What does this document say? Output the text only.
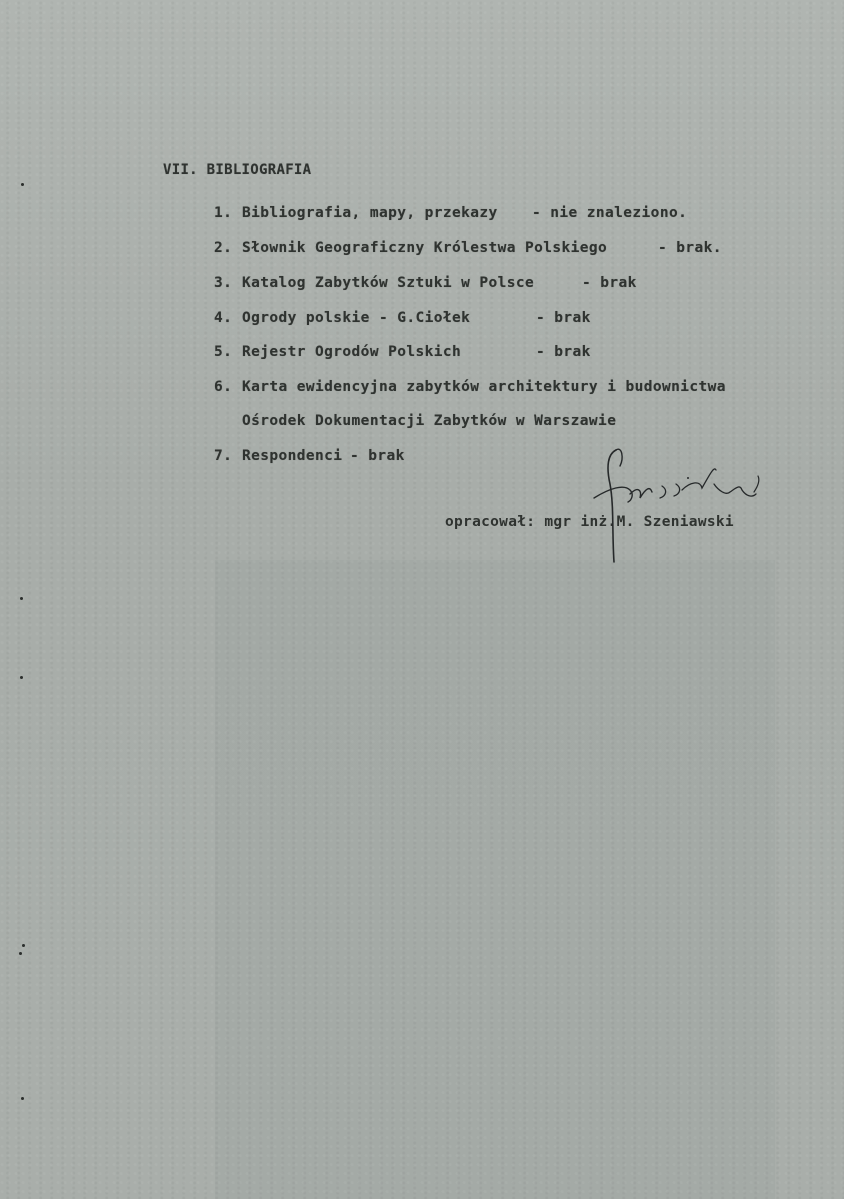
VII. BIBLIOGRAFIA
1. Bibliografia, mapy, przekazy - nie znaleziono.
2. Słownik Geograficzny Królestwa Polskiego	- brak.
3. Katalog Zabytków Sztuki w Polsce	- brak
4. Ogrody polskie - G.Ciołek	- brak
5. Rejestr Ogrodów Polskich	- brak
6. Karta ewidencyjna zabytków architektury i budownictwa
Ośrodek Dokumentacji Zabytków w Warszawie
7. Respondenci - brak
opracował: mgr inż.M. Szeniawski
